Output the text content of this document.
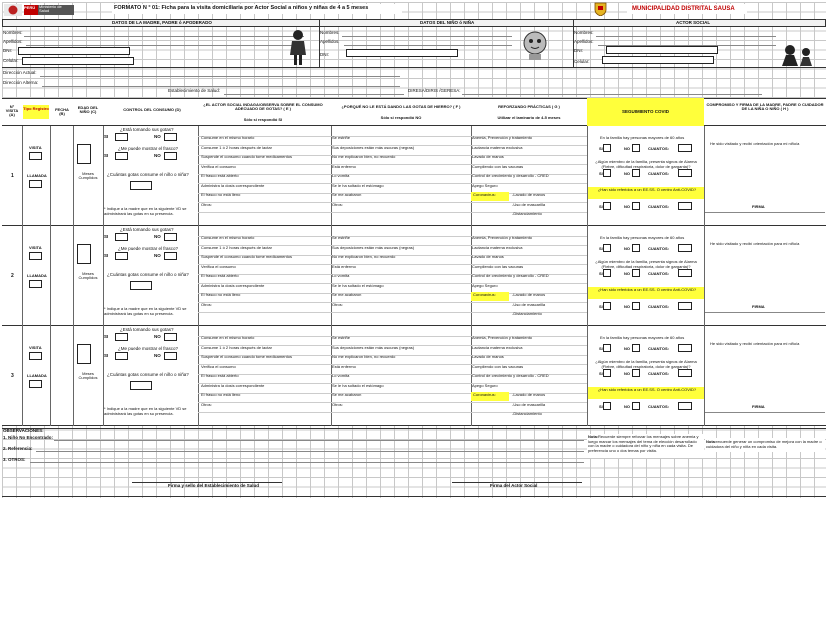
PERÚ Ministerio de Salud	FORMATO N ° 01: Ficha para la visita domiciliaria por Actor Social a niños y niñas de 4 a 5 meses	MUNICIPALIDAD DISTRITAL SAUSA
DATOS DE LA MADRE, PADRE ó APODERADO	DATOS DEL NIÑO ó NIÑA	ACTOR SOCIAL
Nombres:
Apellidos:
DNI:
Celular:
Nombres:
Apellidos:
DNI:
Nombres:
Apellidos:
DNI:
Celular:
Dirección Actual:
Dirección Alterna:
Establecimiento de Salud:	DIRESA/DIRIS /GERESA:
N° VISITA (A)
Tipo Registro	FECHA (B)
EDAD DEL NIÑO (C)	CONTROL DEL CONSUMO (D)
¿EL ACTOR SOCIAL INDAGA/OBSERVA SOBRE EL CONSUMO ADECUADO DE GOTAS? ( E )
Sólo si respondió SI
¿PORQUÉ NO LE ESTÁ DANDO LAS GOTAS DE HIERRO? ( F )
Sólo si respondió NO
REFORZANDO PRÁCTICAS ( G )
Utilizar el laminario de 4-5 meses
SEGUIMIENTO COVID
COMPROMISO Y FIRMA DE LA MADRE, PADRE O CUIDADOR DE LA NIÑA O NIÑO ( H )
1
VISITA
LLAMADA	Meses Cumplidos
¿Está tomando sus gotas?
SI	NO
¿Me puede mostrar el frasco?
SI	NO
¿Cuántas gotas consume el niño o niña?
* Indique a la madre que en la siguiente VD se administrará las gotas en su presencia.
Consume en el mismo horario
Consume 1 ó 2 horas después de lactar
Suspende el consumo cuando tome medicamentos
Verifica el consumo
El frasco está abierto
Administra la dosis correspondiente
El frasco no está lleno
Otros:
Se estriñe
Sus deposiciones están más oscuras (negras)
No me explicaron bien, no recuerdo
Está enfermo
Lo vomita
Se le ha soltado el estómago
Se me acabaron
Otros:
Anemia, Prevención y tratamiento
Lactancia materna exclusiva
Lavado de manos
Cumpliendo con las vacunas
Control de crecimiento y desarrollo - CRED
Apego Seguro
Coronavirus:	-Lavado de manos
-Uso de mascarilla
-Distanciamiento
En la familia hay personas mayores de 60 años
SI	NO	CUANTOS:
SI	NO	CUANTOS:
SI	NO	CUANTOS:
¿Algún miembro de la familia, presenta signos de Alarma (Fiebre, dificultad respiratoria, dolor de garganta)?
¿Han sido referidos a un EE.SS. O centro Anti-COVID?
He sido visitado y recibí orientación para mi niño/a
FIRMA
2
VISITA
LLAMADA	Meses Cumplidos
¿Está tomando sus gotas?
SI	NO
¿Me puede mostrar el frasco?
SI	NO
¿Cuántas gotas consume el niño o niña?
* Indique a la madre que en la siguiente VD se administrará las gotas en su presencia.
Consume en el mismo horario
Consume 1 ó 2 horas después de lactar
Suspende el consumo cuando tome medicamentos
Verifica el consumo
El frasco está abierto
Administra la dosis correspondiente
El frasco no está lleno
Otros:
Se estriñe
Sus deposiciones están más oscuras (negras)
No me explicaron bien, no recuerdo
Está enfermo
Lo vomita
Se le ha soltado el estómago
Se me acabaron
Otros:
Anemia, Prevención y tratamiento
Lactancia materna exclusiva
Lavado de manos
Cumpliendo con las vacunas
Control de crecimiento y desarrollo - CRED
Apego Seguro
Coronavirus:	-Lavado de manos
-Uso de mascarilla
-Distanciamiento
En la familia hay personas mayores de 60 años
SI	NO	CUANTOS:
SI	NO	CUANTOS:
SI	NO	CUANTOS:
¿Algún miembro de la familia, presenta signos de Alarma (Fiebre, dificultad respiratoria, dolor de garganta)?
¿Han sido referidos a un EE.SS. O centro Anti-COVID?
He sido visitado y recibí orientación para mi niño/a
FIRMA
3
VISITA
LLAMADA	Meses Cumplidos
¿Está tomando sus gotas?
SI	NO
¿Me puede mostrar el frasco?
SI	NO
¿Cuántas gotas consume el niño o niña?
* Indique a la madre que en la siguiente VD se administrará las gotas en su presencia.
Consume en el mismo horario
Consume 1 ó 2 horas después de lactar
Suspende el consumo cuando tome medicamentos
Verifica el consumo
El frasco está abierto
Administra la dosis correspondiente
El frasco no está lleno
Otros:
Se estriñe
Sus deposiciones están más oscuras (negras)
No me explicaron bien, no recuerdo
Está enfermo
Lo vomita
Se le ha soltado el estómago
Se me acabaron
Otros:
Anemia, Prevención y tratamiento
Lactancia materna exclusiva
Lavado de manos
Cumpliendo con las vacunas
Control de crecimiento y desarrollo - CRED
Apego Seguro
Coronavirus:	-Lavado de manos
-Uso de mascarilla
-Distanciamiento
En la familia hay personas mayores de 60 años
SI	NO	CUANTOS:
SI	NO	CUANTOS:
SI	NO	CUANTOS:
¿Algún miembro de la familia, presenta signos de Alarma (Fiebre, dificultad respiratoria, dolor de garganta)?
¿Han sido referidos a un EE.SS. O centro Anti-COVID?
He sido visitado y recibí orientación para mi niño/a
FIRMA
OBSERVACIONES:
1. Niño No Encontrado:
2. Referencia:
3. OTROS:
Nota: Recuerde siempre reforzar los mensajes sobre anemia y luego marcar los mensajes del tema de elección desarrollado con la madre o cuidadora del niño y niña en cada visita. De preferencia uno o dos temas por visita.
Nota: recuerde generar un compromiso de mejora con la madre o cuidadora del niño y niña en cada visita.
Firma y sello del Establecimiento de Salud	Firma del Actor Social
